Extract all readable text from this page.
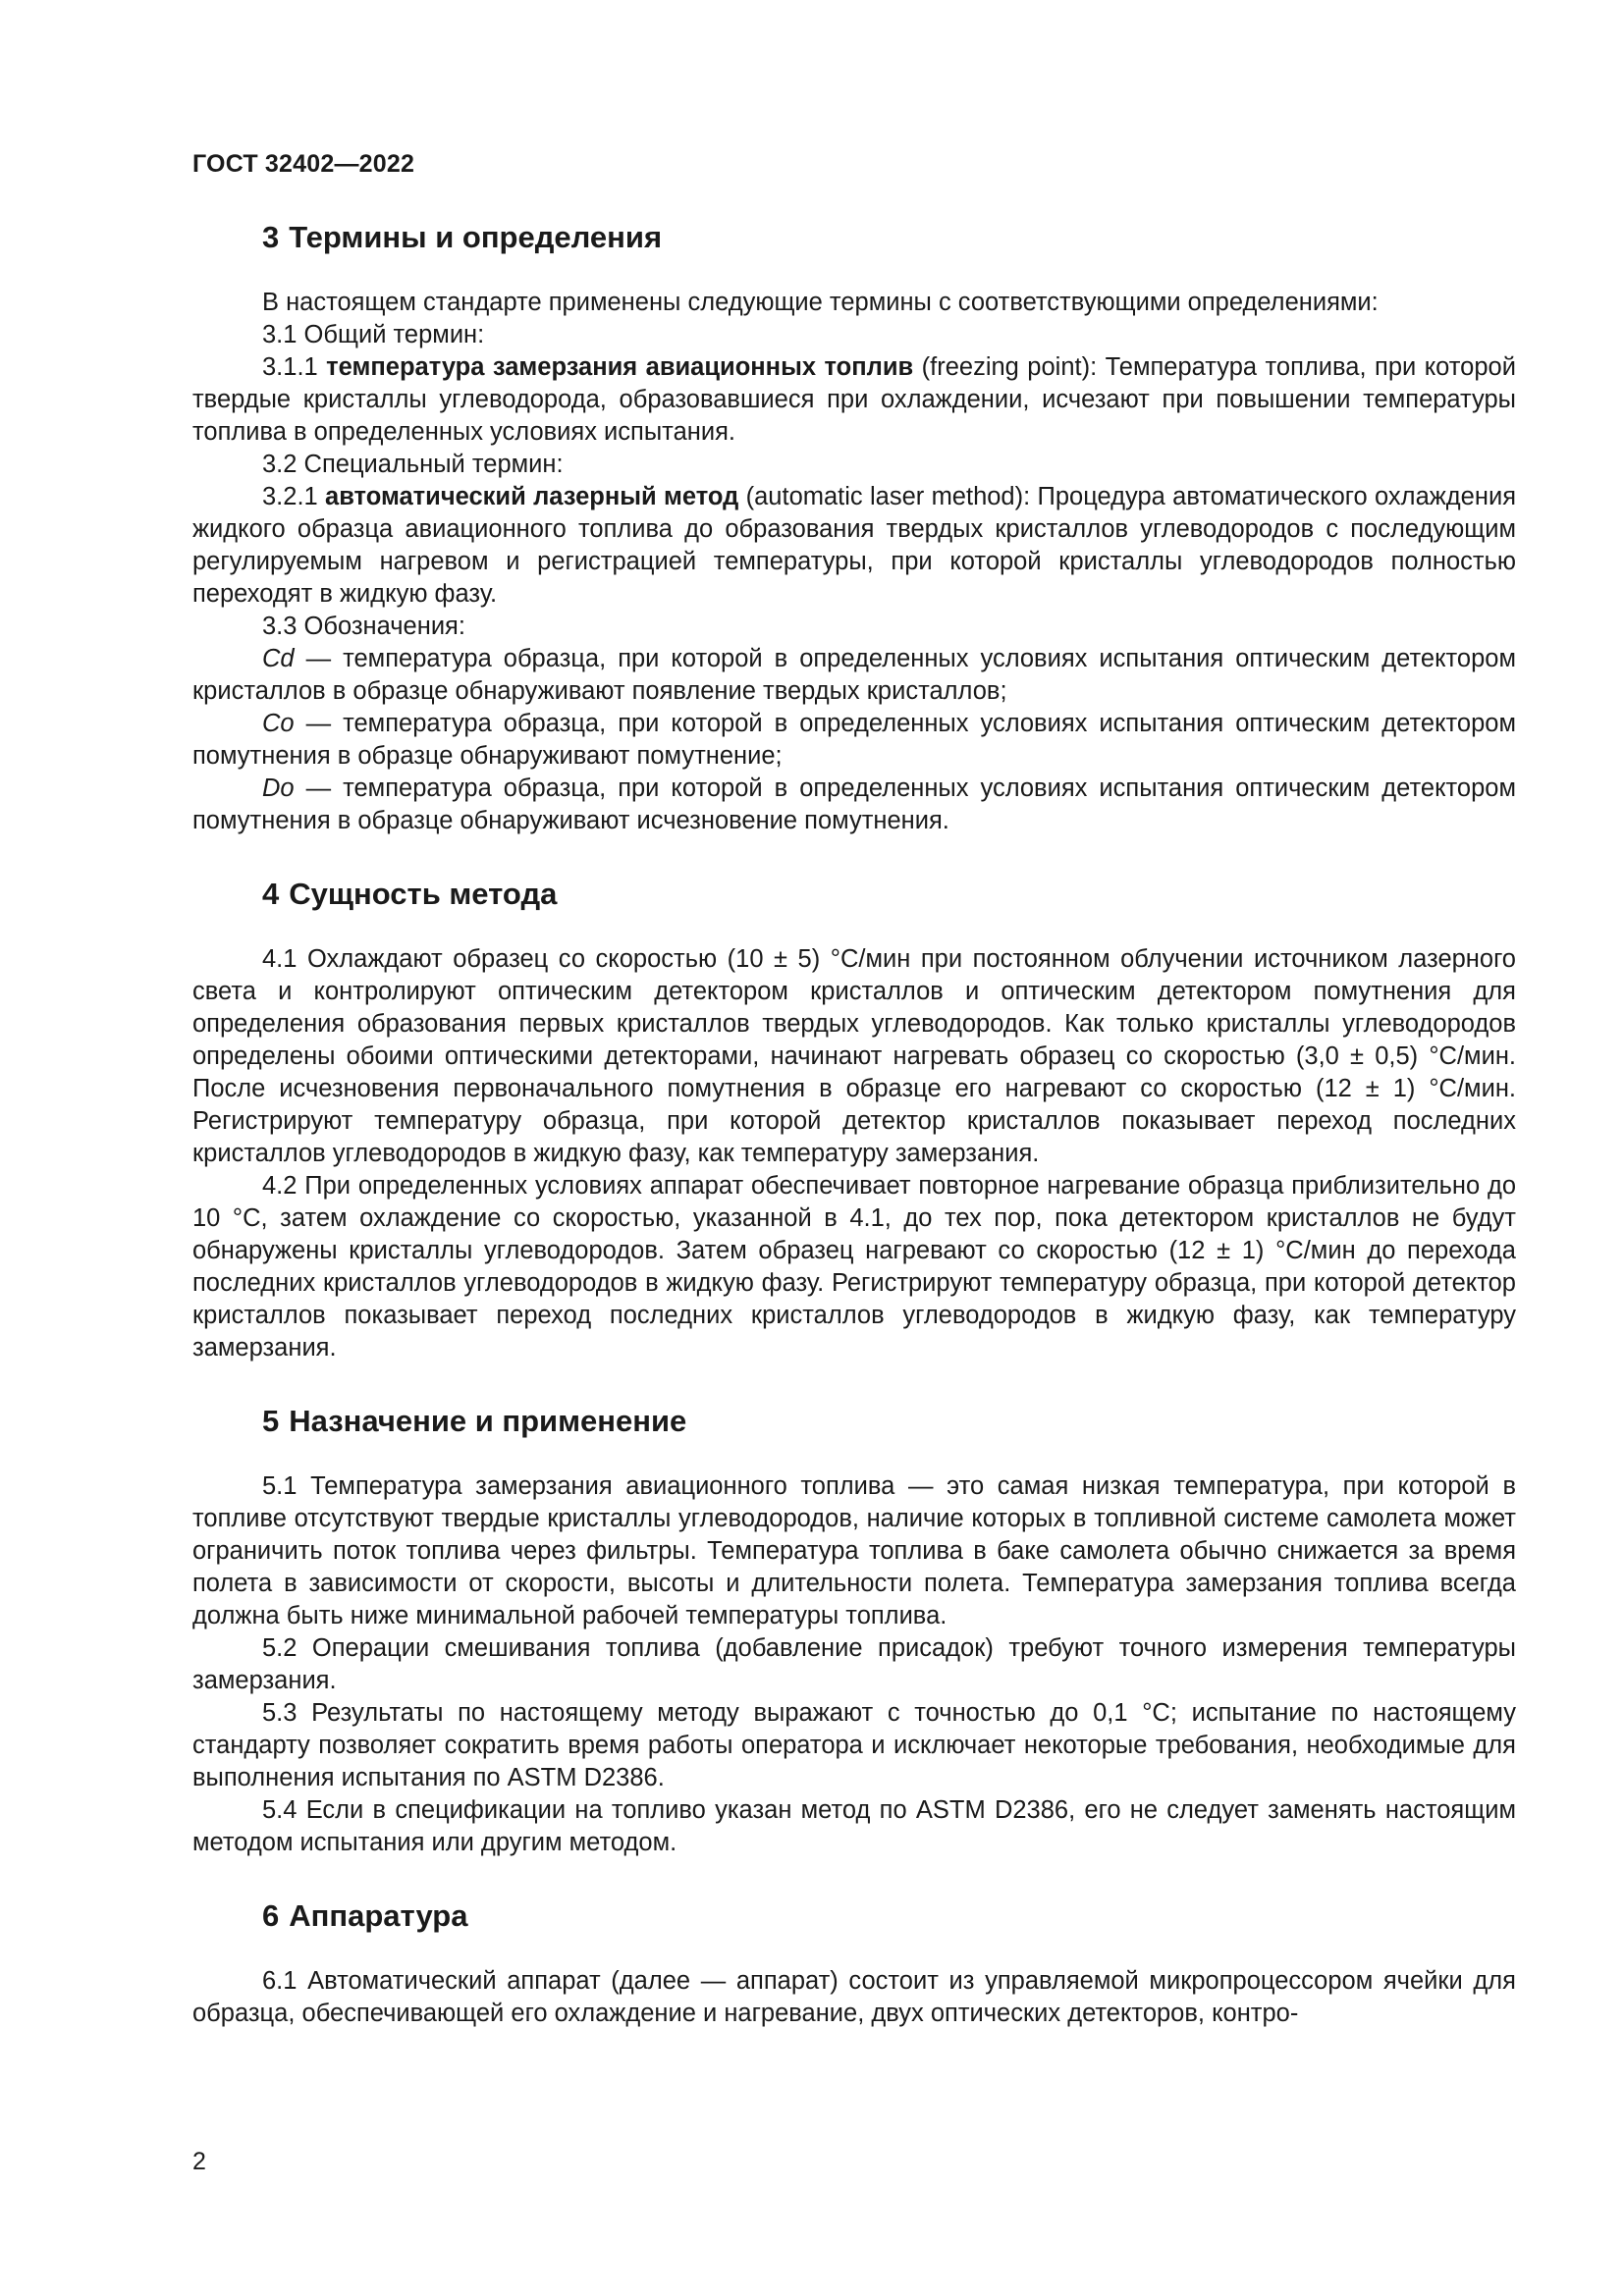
ГОСТ 32402—2022
3 Термины и определения

В настоящем стандарте применены следующие термины с соответствующими определениями:

3.1 Общий термин:

3.1.1 температура замерзания авиационных топлив (freezing point): Температура топлива, при которой твердые кристаллы углеводорода, образовавшиеся при охлаждении, исчезают при повышении температуры топлива в определенных условиях испытания.

3.2 Специальный термин:

3.2.1 автоматический лазерный метод (automatic laser method): Процедура автоматического охлаждения жидкого образца авиационного топлива до образования твердых кристаллов углеводородов с последующим регулируемым нагревом и регистрацией температуры, при которой кристаллы углеводородов полностью переходят в жидкую фазу.

3.3 Обозначения:

Cd — температура образца, при которой в определенных условиях испытания оптическим детектором кристаллов в образце обнаруживают появление твердых кристаллов;

Co — температура образца, при которой в определенных условиях испытания оптическим детектором помутнения в образце обнаруживают помутнение;

Do — температура образца, при которой в определенных условиях испытания оптическим детектором помутнения в образце обнаруживают исчезновение помутнения.

4 Сущность метода

4.1 Охлаждают образец со скоростью (10 ± 5) °С/мин при постоянном облучении источником лазерного света и контролируют оптическим детектором кристаллов и оптическим детектором помутнения для определения образования первых кристаллов твердых углеводородов. Как только кристаллы углеводородов определены обоими оптическими детекторами, начинают нагревать образец со скоростью (3,0 ± 0,5) °С/мин. После исчезновения первоначального помутнения в образце его нагревают со скоростью (12 ± 1) °С/мин. Регистрируют температуру образца, при которой детектор кристаллов показывает переход последних кристаллов углеводородов в жидкую фазу, как температуру замерзания.

4.2 При определенных условиях аппарат обеспечивает повторное нагревание образца приблизительно до 10 °С, затем охлаждение со скоростью, указанной в 4.1, до тех пор, пока детектором кристаллов не будут обнаружены кристаллы углеводородов. Затем образец нагревают со скоростью (12 ± 1) °С/мин до перехода последних кристаллов углеводородов в жидкую фазу. Регистрируют температуру образца, при которой детектор кристаллов показывает переход последних кристаллов углеводородов в жидкую фазу, как температуру замерзания.

5 Назначение и применение

5.1 Температура замерзания авиационного топлива — это самая низкая температура, при которой в топливе отсутствуют твердые кристаллы углеводородов, наличие которых в топливной системе самолета может ограничить поток топлива через фильтры. Температура топлива в баке самолета обычно снижается за время полета в зависимости от скорости, высоты и длительности полета. Температура замерзания топлива всегда должна быть ниже минимальной рабочей температуры топлива.

5.2 Операции смешивания топлива (добавление присадок) требуют точного измерения температуры замерзания.

5.3 Результаты по настоящему методу выражают с точностью до 0,1 °С; испытание по настоящему стандарту позволяет сократить время работы оператора и исключает некоторые требования, необходимые для выполнения испытания по ASTM D2386.

5.4 Если в спецификации на топливо указан метод по ASTM D2386, его не следует заменять настоящим методом испытания или другим методом.

6 Аппаратура

6.1 Автоматический аппарат (далее — аппарат) состоит из управляемой микропроцессором ячейки для образца, обеспечивающей его охлаждение и нагревание, двух оптических детекторов, контро-

2
